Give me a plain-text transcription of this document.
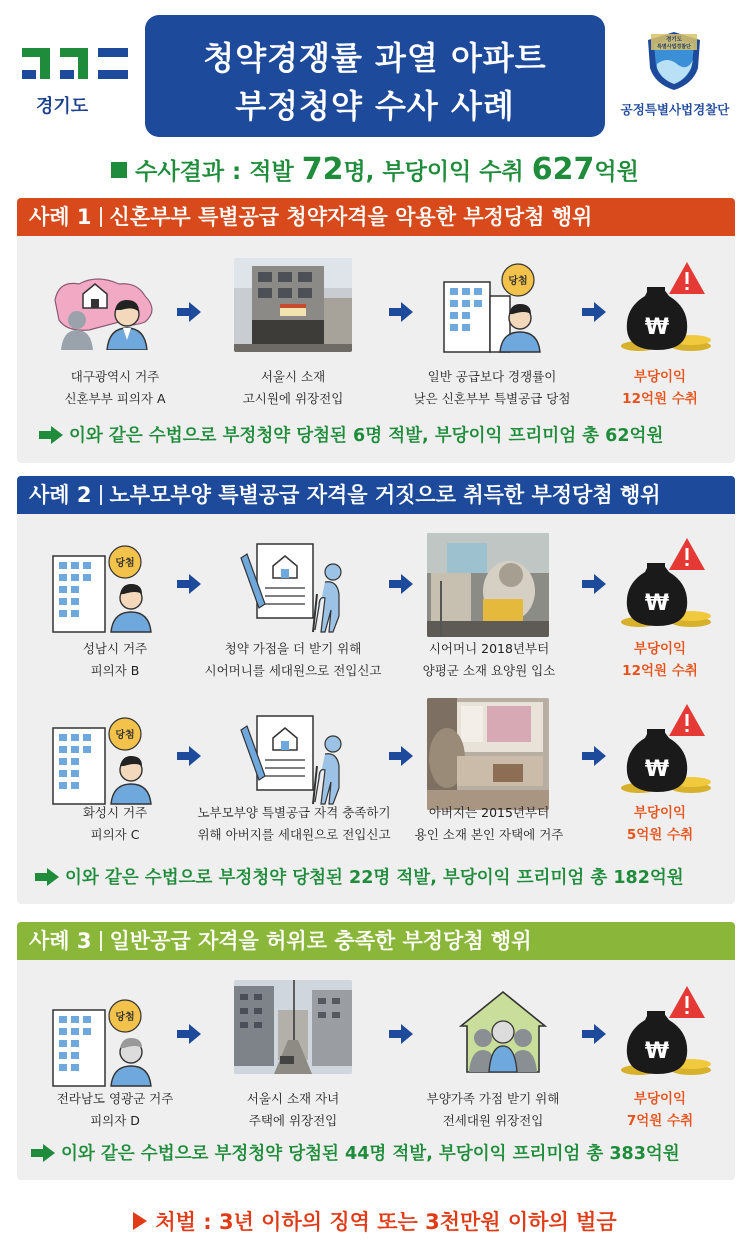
경기도
청약경쟁률 과열 아파트
부정청약 수사 사례
경기도
특별사법경찰단
공정특별사법경찰단
수사결과 : 적발 72명, 부당이익 수취 627억원
사례 1 신혼부부 특별공급 청약자격을 악용한 부정당첨 행위
당첨
₩
대구광역시 거주
신혼부부 피의자 A
서울시 소재
고시원에 위장전입
일반 공급보다 경쟁률이
낮은 신혼부부 특별공급 당첨
부당이익
12억원 수취
이와 같은 수법으로 부정청약 당첨된 6명 적발, 부당이익 프리미엄 총 62억원
사례 2 노부모부양 특별공급 자격을 거짓으로 취득한 부정당첨 행위
당첨
₩
성남시 거주
피의자 B
청약 가점을 더 받기 위해
시어머니를 세대원으로 전입신고
시어머니 2018년부터
양평군 소재 요양원 입소
부당이익
12억원 수취
당첨
₩
화성시 거주
피의자 C
노부모부양 특별공급 자격 충족하기
위해 아버지를 세대원으로 전입신고
아버지는 2015년부터
용인 소재 본인 자택에 거주
부당이익
5억원 수취
이와 같은 수법으로 부정청약 당첨된 22명 적발, 부당이익 프리미엄 총 182억원
사례 3 일반공급 자격을 허위로 충족한 부정당첨 행위
당첨
₩
전라남도 영광군 거주
피의자 D
서울시 소재 자녀
주택에 위장전입
부양가족 가점 받기 위해
전세대원 위장전입
부당이익
7억원 수취
이와 같은 수법으로 부정청약 당첨된 44명 적발, 부당이익 프리미엄 총 383억원
처벌 : 3년 이하의 징역 또는 3천만원 이하의 벌금
